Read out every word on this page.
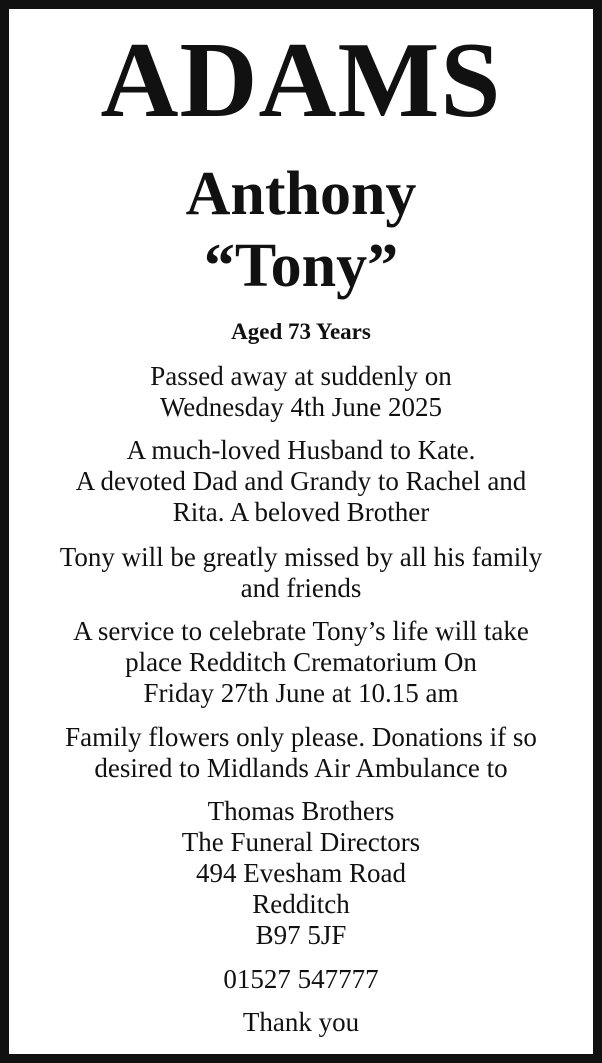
ADAMS
Anthony
“Tony”
Aged 73 Years
Passed away at suddenly on
Wednesday 4th June 2025
A much-loved Husband to Kate.
A devoted Dad and Grandy to Rachel and
Rita. A beloved Brother
Tony will be greatly missed by all his family
and friends
A service to celebrate Tony’s life will take
place Redditch Crematorium On
Friday 27th June at 10.15 am
Family flowers only please. Donations if so
desired to Midlands Air Ambulance to
Thomas Brothers
The Funeral Directors
494 Evesham Road
Redditch
B97 5JF
01527 547777
Thank you
